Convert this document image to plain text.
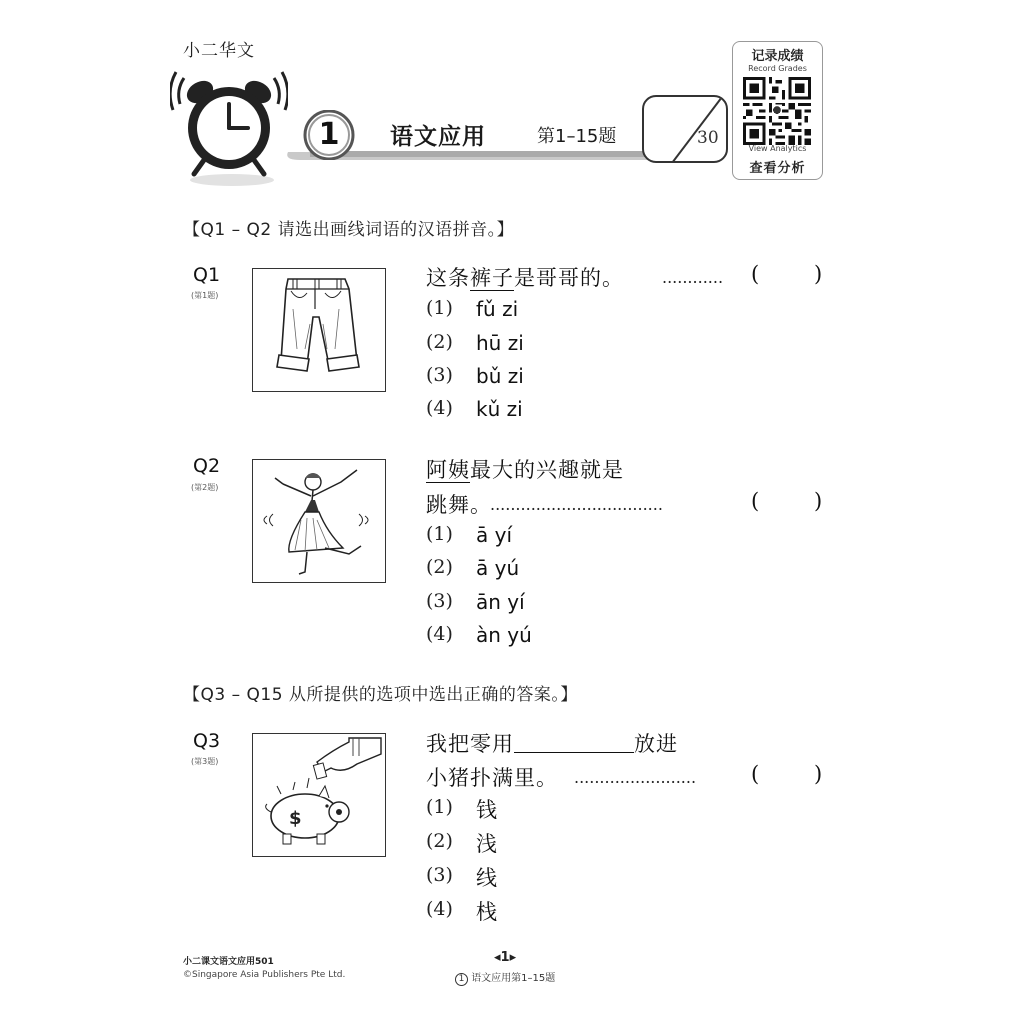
小二华文
1	语文应用	第1–15题	30
记录成绩
Record Grades
View Analytics
查看分析
【Q1 – Q2 请选出画线词语的汉语拼音。】
Q1
(第1题)
这条裤子是哥哥的。 ............ (	)
(1) fǔ zi
(2) hū zi
(3) bǔ zi
(4) kǔ zi
Q2
(第2题)
阿姨最大的兴趣就是
跳舞。
..................................	(	)
(1) ā yí
(2) ā yú
(3) ān yí
(4) àn yú
【Q3 – Q15 从所提供的选项中选出正确的答案。】
Q3
(第3题)
$
我把零用	放进
小猪扑满里。 ........................	(	)
(1) 钱
(2) 浅
(3) 线
(4) 栈
小二课文语文应用501
©Singapore Asia Publishers Pte Ltd.
◂1▸
1 语文应用第1–15题
